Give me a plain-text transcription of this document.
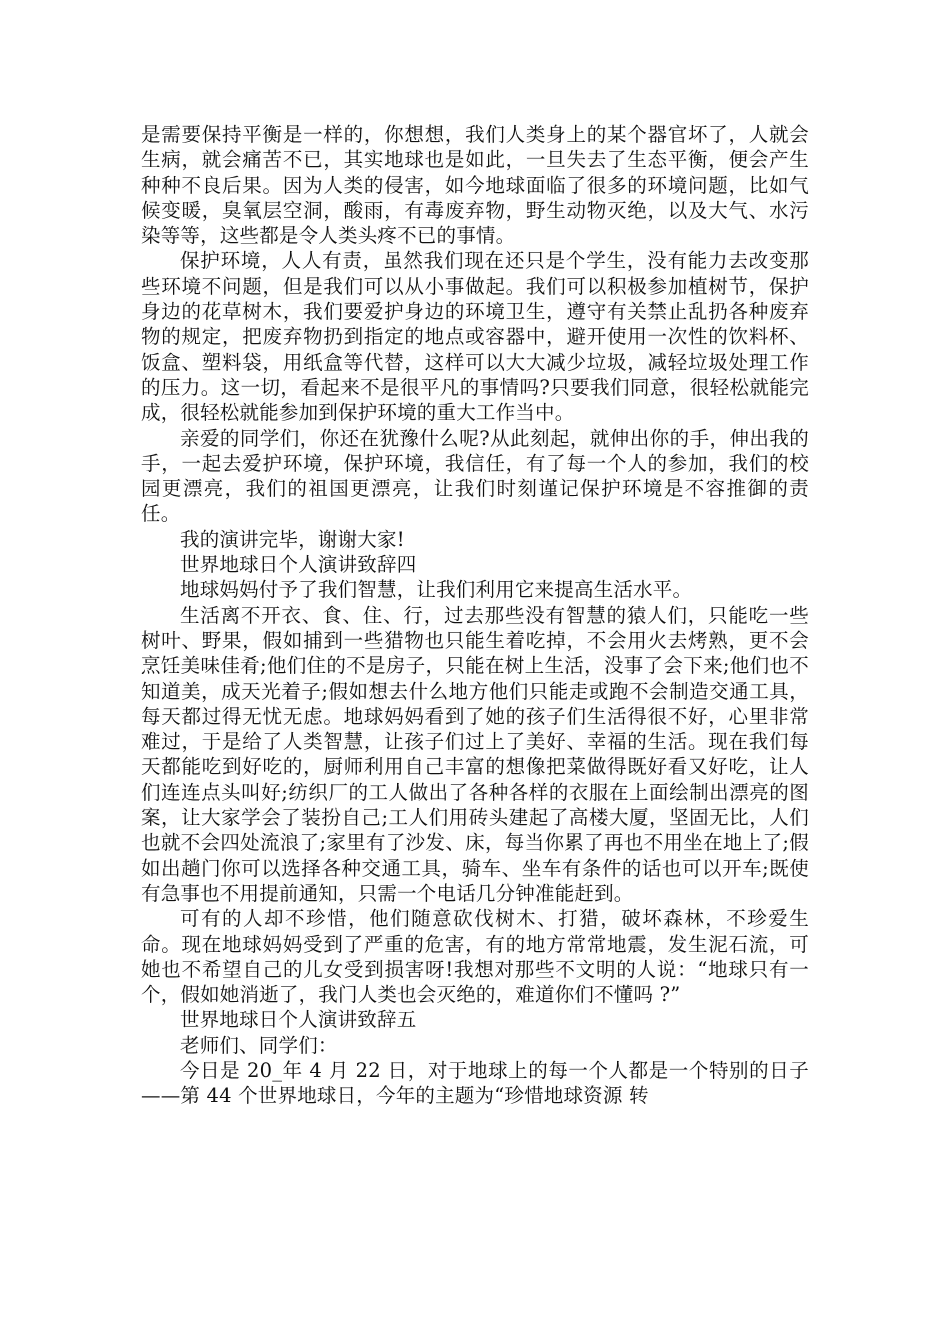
是需要保持平衡是一样的，你想想，我们人类身上的某个器官坏了，人就会生病，就会痛苦不已，其实地球也是如此，一旦失去了生态平衡，便会产生种种不良后果。因为人类的侵害，如今地球面临了很多的环境问题，比如气候变暖，臭氧层空洞，酸雨，有毒废弃物，野生动物灭绝，以及大气、水污染等等，这些都是令人类头疼不已的事情。

保护环境，人人有责，虽然我们现在还只是个学生，没有能力去改变那些环境不问题，但是我们可以从小事做起。我们可以积极参加植树节，保护身边的花草树木，我们要爱护身边的环境卫生，遵守有关禁止乱扔各种废弃物的规定，把废弃物扔到指定的地点或容器中，避开使用一次性的饮料杯、饭盒、塑料袋，用纸盒等代替，这样可以大大减少垃圾，减轻垃圾处理工作的压力。这一切，看起来不是很平凡的事情吗?只要我们同意，很轻松就能完成，很轻松就能参加到保护环境的重大工作当中。

亲爱的同学们，你还在犹豫什么呢?从此刻起，就伸出你的手，伸出我的手，一起去爱护环境，保护环境，我信任，有了每一个人的参加，我们的校园更漂亮，我们的祖国更漂亮，让我们时刻谨记保护环境是不容推御的责任。

我的演讲完毕，谢谢大家!

世界地球日个人演讲致辞四

地球妈妈付予了我们智慧，让我们利用它来提高生活水平。

生活离不开衣、食、住、行，过去那些没有智慧的猿人们，只能吃一些树叶、野果，假如捕到一些猎物也只能生着吃掉，不会用火去烤熟，更不会烹饪美味佳肴;他们住的不是房子，只能在树上生活，没事了会下来;他们也不知道美，成天光着子;假如想去什么地方他们只能走或跑不会制造交通工具，每天都过得无忧无虑。地球妈妈看到了她的孩子们生活得很不好，心里非常难过，于是给了人类智慧，让孩子们过上了美好、幸福的生活。现在我们每天都能吃到好吃的，厨师利用自己丰富的想像把菜做得既好看又好吃，让人们连连点头叫好;纺织厂的工人做出了各种各样的衣服在上面绘制出漂亮的图案，让大家学会了装扮自己;工人们用砖头建起了高楼大厦，坚固无比，人们也就不会四处流浪了;家里有了沙发、床，每当你累了再也不用坐在地上了;假如出趟门你可以选择各种交通工具，骑车、坐车有条件的话也可以开车;既使有急事也不用提前通知，只需一个电话几分钟准能赶到。

可有的人却不珍惜，他们随意砍伐树木、打猎，破坏森林，不珍爱生命。现在地球妈妈受到了严重的危害，有的地方常常地震，发生泥石流，可她也不希望自己的儿女受到损害呀!我想对那些不文明的人说：“地球只有一个，假如她消逝了，我门人类也会灭绝的，难道你们不懂吗 ?”

世界地球日个人演讲致辞五

老师们、同学们：

今日是 20_年 4 月 22 日，对于地球上的每一个人都是一个特别的日子——第 44 个世界地球日，今年的主题为“珍惜地球资源 转
